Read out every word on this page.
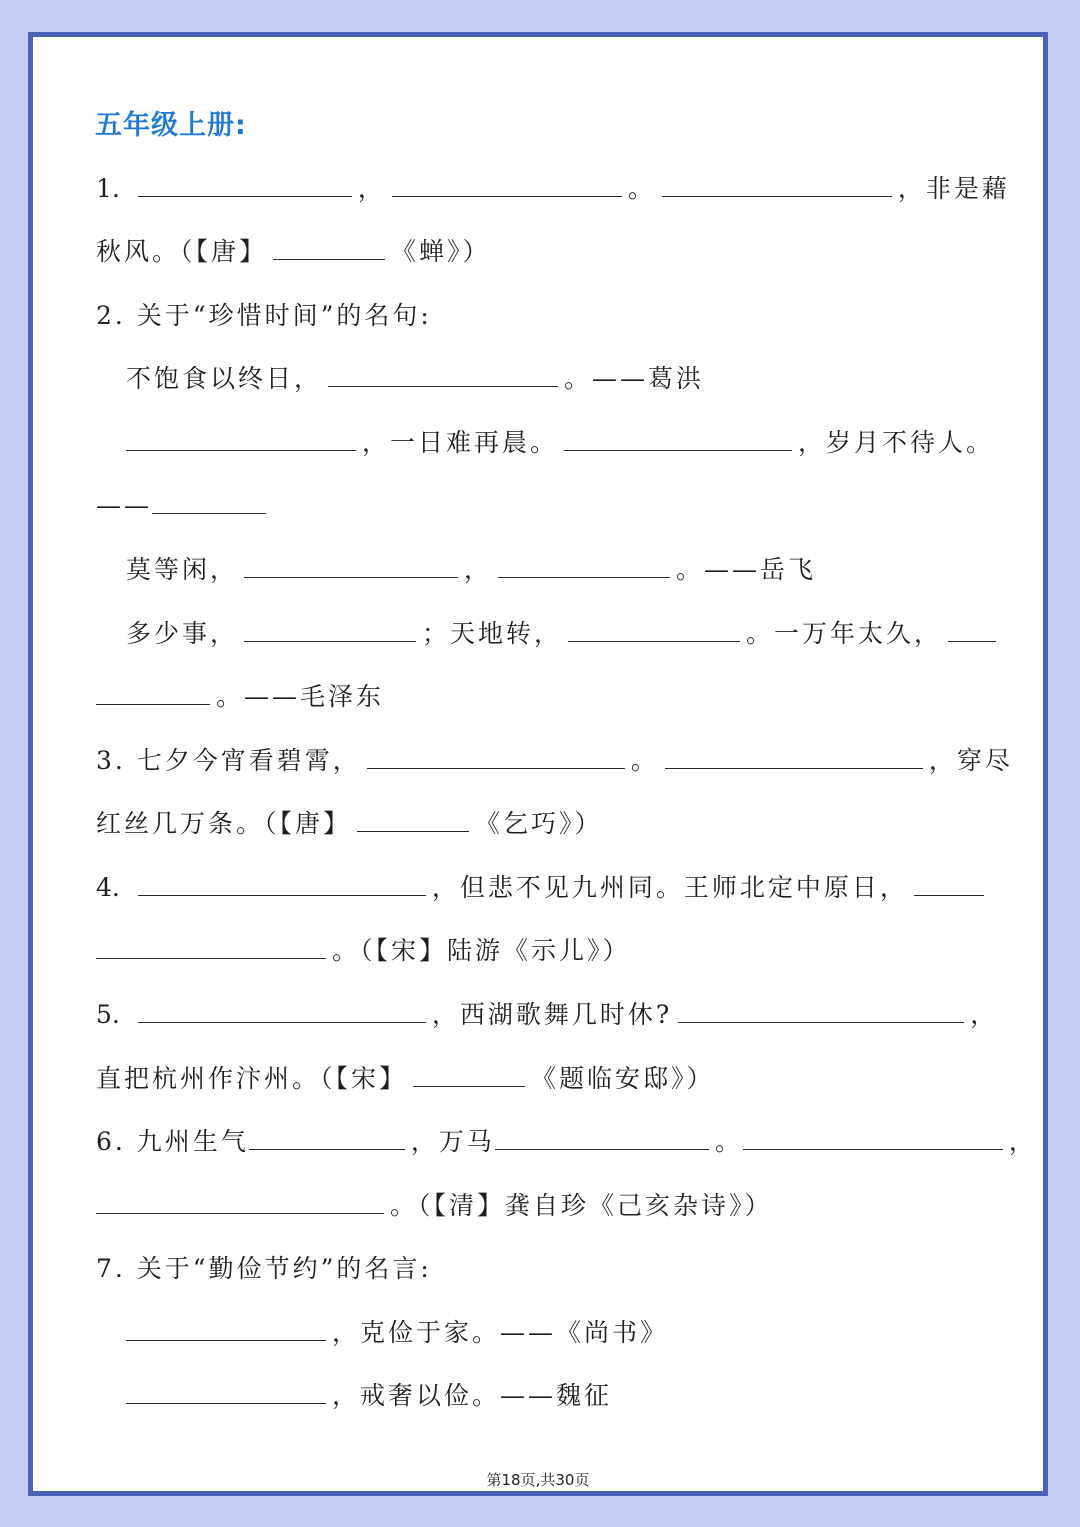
五年级上册:
1.	，	。	，非是藉
秋风。（【唐】	《蝉》）
2. 关于“珍惜时间”的名句:
不饱食以终日，	。——葛洪
，一日难再晨。	，岁月不待人。
——
莫等闲，	，	。——岳飞
多少事，	；天地转，	。一万年太久，
。——毛泽东
3. 七夕今宵看碧霄，	。	，穿尽
红丝几万条。（【唐】	《乞巧》）
4.	，但悲不见九州同。王师北定中原日，
。（【宋】陆游《示儿》）
5.	，西湖歌舞几时休?	，
直把杭州作汴州。（【宋】	《题临安邸》）
6. 九州生气	，万马	。	，
。（【清】龚自珍《己亥杂诗》）
7. 关于“勤俭节约”的名言:
，克俭于家。——《尚书》
，戒奢以俭。——魏征
第18页,共30页
